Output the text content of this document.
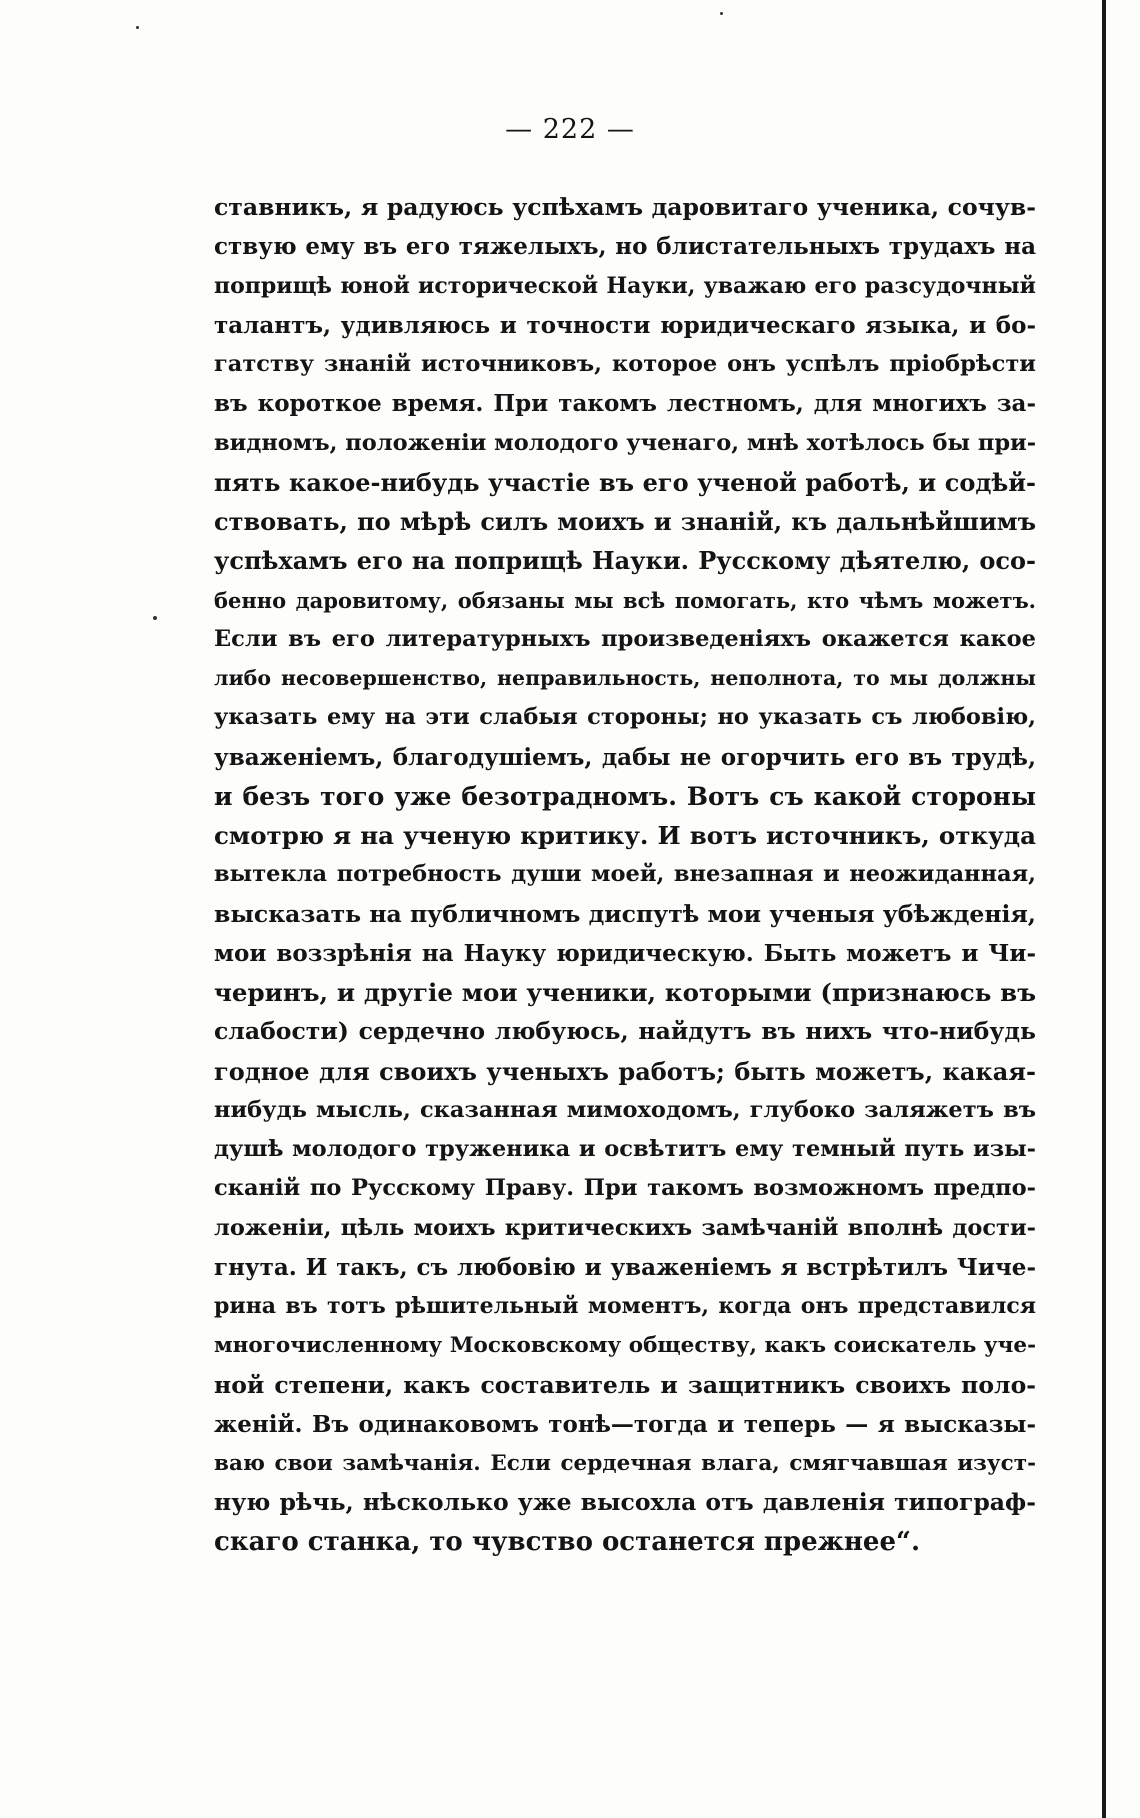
— 222 —
ставникъ, я радуюсь успѣхамъ даровитаго ученика, сочув-
ствую ему въ его тяжелыхъ, но блистательныхъ трудахъ на
поприщѣ юной исторической Науки, уважаю его разсудочный
талантъ, удивляюсь и точности юридическаго языка, и бо-
гатству знаній источниковъ, которое онъ успѣлъ пріобрѣсти
въ короткое время. При такомъ лестномъ, для многихъ за-
видномъ, положеніи молодого ученаго, мнѣ хотѣлось бы при-
пять какое-нибудь участіе въ его ученой работѣ, и содѣй-
ствовать, по мѣрѣ силъ моихъ и знаній, къ дальнѣйшимъ
успѣхамъ его на поприщѣ Науки. Русскому дѣятелю, осо-
бенно даровитому, обязаны мы всѣ помогать, кто чѣмъ можетъ.
Если въ его литературныхъ произведеніяхъ окажется какое
либо несовершенство, неправильность, неполнота, то мы должны
указать ему на эти слабыя стороны; но указать съ любовію,
уваженіемъ, благодушіемъ, дабы не огорчить его въ трудѣ,
и безъ того уже безотрадномъ. Вотъ съ какой стороны
смотрю я на ученую критику. И вотъ источникъ, откуда
вытекла потребность души моей, внезапная и неожиданная,
высказать на публичномъ диспутѣ мои ученыя убѣжденія,
мои воззрѣнія на Науку юридическую. Быть можетъ и Чи-
черинъ, и другіе мои ученики, которыми (признаюсь въ
слабости) сердечно любуюсь, найдутъ въ нихъ что-нибудь
годное для своихъ ученыхъ работъ; быть можетъ, какая-
нибудь мысль, сказанная мимоходомъ, глубоко заляжетъ въ
душѣ молодого труженика и освѣтитъ ему темный путь изы-
сканій по Русскому Праву. При такомъ возможномъ предпо-
ложеніи, цѣль моихъ критическихъ замѣчаній вполнѣ дости-
гнута. И такъ, съ любовію и уваженіемъ я встрѣтилъ Чиче-
рина въ тотъ рѣшительный моментъ, когда онъ представился
многочисленному Московскому обществу, какъ соискатель уче-
ной степени, какъ составитель и защитникъ своихъ поло-
женій. Въ одинаковомъ тонѣ—тогда и теперь — я высказы-
ваю свои замѣчанія. Если сердечная влага, смягчавшая изуст-
ную рѣчь, нѣсколько уже высохла отъ давленія типограф-
скаго станка, то чувство останется прежнее“.
